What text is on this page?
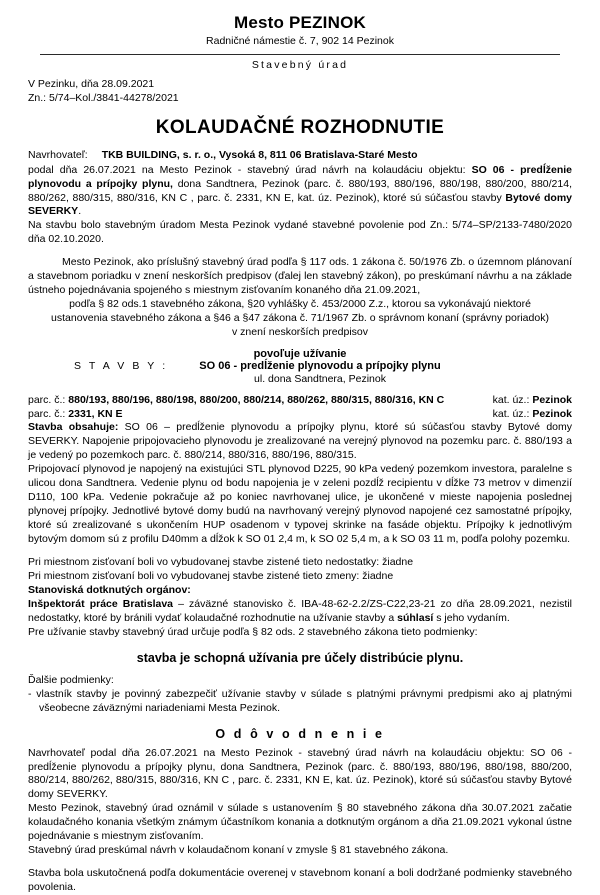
Mesto PEZINOK
Radničné námestie č. 7, 902 14 Pezinok
Stavebný úrad
V Pezinku, dňa 28.09.2021
Zn.: 5/74–Kol./3841-44278/2021
KOLAUDAČNÉ ROZHODNUTIE
Navrhovateľ: TKB BUILDING, s. r. o., Vysoká 8, 811 06 Bratislava-Staré Mesto
podal dňa 26.07.2021 na Mesto Pezinok - stavebný úrad návrh na kolaudáciu objektu: SO 06 - predĺženie plynovodu a prípojky plynu, dona Sandtnera, Pezinok (parc. č. 880/193, 880/196, 880/198, 880/200, 880/214, 880/262, 880/315, 880/316, KN C , parc. č. 2331, KN E, kat. úz. Pezinok), ktoré sú súčasťou stavby Bytové domy SEVERKY.
Na stavbu bolo stavebným úradom Mesta Pezinok vydané stavebné povolenie pod Zn.: 5/74–SP/2133-7480/2020 dňa 02.10.2020.
Mesto Pezinok, ako príslušný stavebný úrad podľa § 117 ods. 1 zákona č. 50/1976 Zb. o územnom plánovaní a stavebnom poriadku v znení neskorších predpisov (ďalej len stavebný zákon), po preskúmaní návrhu a na základe ústneho pojednávania spojeného s miestnym zisťovaním konaného dňa 21.09.2021,
podľa § 82 ods.1 stavebného zákona, §20 vyhlášky č. 453/2000 Z.z., ktorou sa vykonávajú niektoré
ustanovenia stavebného zákona a §46 a §47 zákona č. 71/1967 Zb. o správnom konaní (správny poriadok)
v znení neskorších predpisov
povoľuje užívanie
S T A V B Y :	SO 06 - predĺženie plynovodu a prípojky plynu
ul. dona Sandtnera, Pezinok
parc. č.: 880/193, 880/196, 880/198, 880/200, 880/214, 880/262, 880/315, 880/316, KN C	kat. úz.: Pezinok
parc. č.: 2331, KN E	kat. úz.: Pezinok
Stavba obsahuje: SO 06 – predĺženie plynovodu a prípojky plynu, ktoré sú súčasťou stavby Bytové domy SEVERKY. Napojenie pripojovacieho plynovodu je zrealizované na verejný plynovod na pozemku parc. č. 880/193 a je vedený po pozemkoch parc. č. 880/214, 880/316, 880/196, 880/315.
Pripojovací plynovod je napojený na existujúci STL plynovod D225, 90 kPa vedený pozemkom investora, paralelne s ulicou dona Sandtnera. Vedenie plynu od bodu napojenia je v zeleni pozdĺž recipientu v dĺžke 73 metrov v dimenzií D110, 100 kPa. Vedenie pokračuje až po koniec navrhovanej ulice, je ukončené v mieste napojenia poslednej plynovej prípojky. Jednotlivé bytové domy budú na navrhovaný verejný plynovod napojené cez samostatné prípojky, ktoré sú zrealizované s ukončením HUP osadenom v typovej skrinke na fasáde objektu. Prípojky k jednotlivým bytovým domom sú z profilu D40mm a dĺžok k SO 01 2,4 m, k SO 02 5,4 m, a k SO 03 11 m, podľa polohy pozemku.
Pri miestnom zisťovaní boli vo vybudovanej stavbe zistené tieto nedostatky: žiadne
Pri miestnom zisťovaní boli vo vybudovanej stavbe zistené tieto zmeny: žiadne
Stanoviská dotknutých orgánov:
Inšpektorát práce Bratislava – záväzné stanovisko č. IBA-48-62-2.2/ZS-C22,23-21 zo dňa 28.09.2021, nezistil nedostatky, ktoré by bránili vydať kolaudačné rozhodnutie na užívanie stavby a súhlasí s jeho vydaním.
Pre užívanie stavby stavebný úrad určuje podľa § 82 ods. 2 stavebného zákona tieto podmienky:
stavba je schopná užívania pre účely distribúcie plynu.
Ďalšie podmienky:
- vlastník stavby je povinný zabezpečiť užívanie stavby v súlade s platnými právnymi predpismi ako aj platnými všeobecne záväznými nariadeniami Mesta Pezinok.
O d ô v o d n e n i e
Navrhovateľ podal dňa 26.07.2021 na Mesto Pezinok - stavebný úrad návrh na kolaudáciu objektu: SO 06 - predĺženie plynovodu a prípojky plynu, dona Sandtnera, Pezinok (parc. č. 880/193, 880/196, 880/198, 880/200, 880/214, 880/262, 880/315, 880/316, KN C , parc. č. 2331, KN E, kat. úz. Pezinok), ktoré sú súčasťou stavby Bytové domy SEVERKY.
Mesto Pezinok, stavebný úrad oznámil v súlade s ustanovením § 80 stavebného zákona dňa 30.07.2021 začatie kolaudačného konania všetkým známym účastníkom konania a dotknutým orgánom a dňa 21.09.2021 vykonal ústne pojednávanie s miestnym zisťovaním.
Stavebný úrad preskúmal návrh v kolaudačnom konaní v zmysle § 81 stavebného zákona.
Stavba bola uskutočnená podľa dokumentácie overenej v stavebnom konaní a boli dodržané podmienky stavebného povolenia.
